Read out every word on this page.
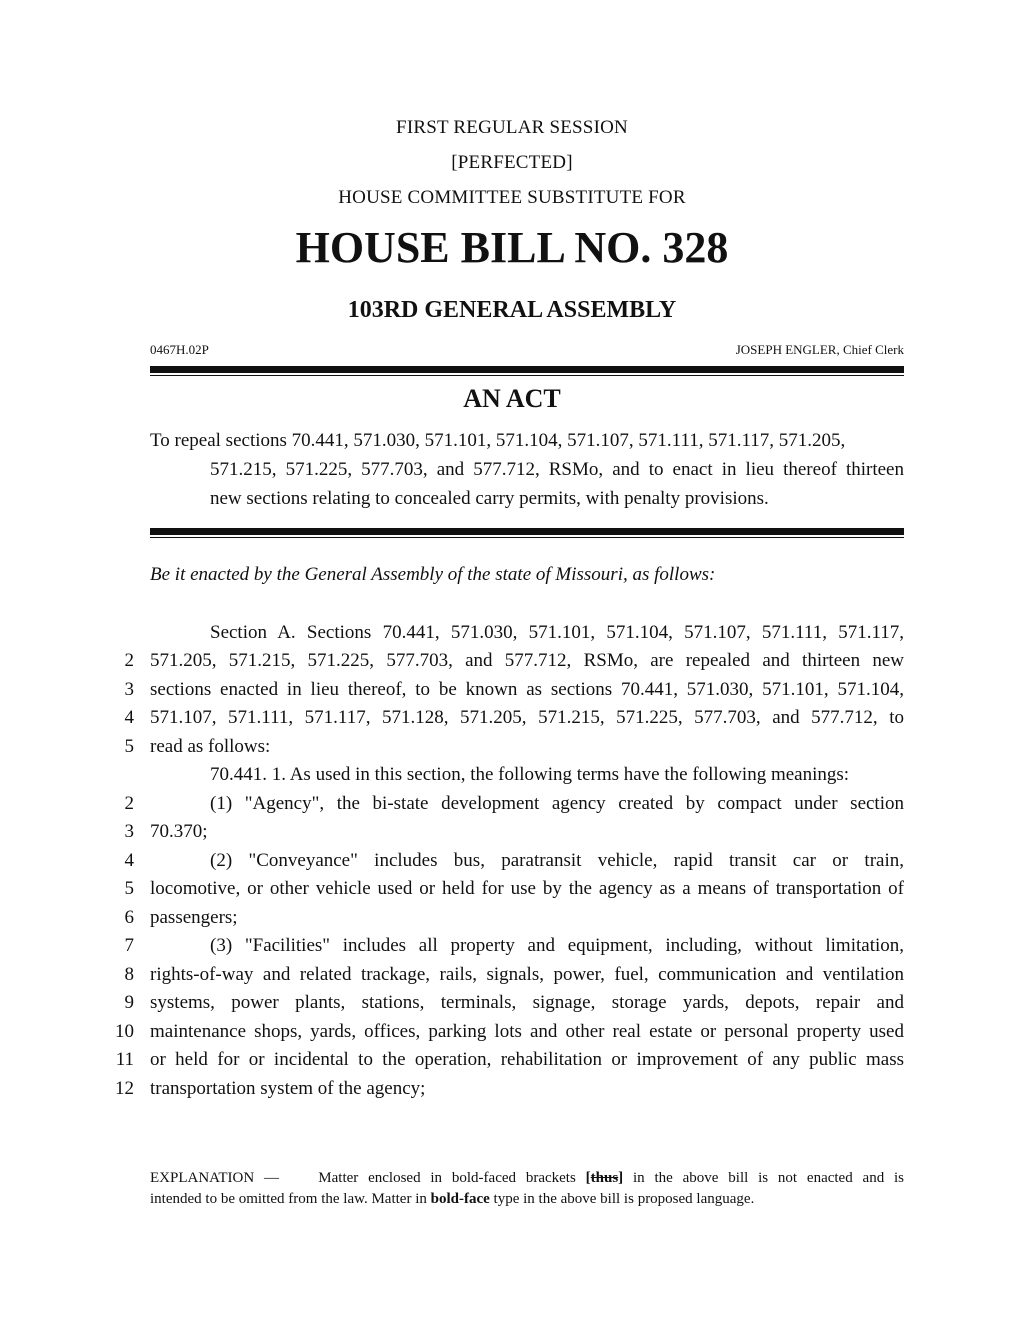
FIRST REGULAR SESSION
[PERFECTED]
HOUSE COMMITTEE SUBSTITUTE FOR
HOUSE BILL NO. 328
103RD GENERAL ASSEMBLY
0467H.02P	JOSEPH ENGLER, Chief Clerk
AN ACT
To repeal sections 70.441, 571.030, 571.101, 571.104, 571.107, 571.111, 571.117, 571.205,
571.215, 571.225, 577.703, and 577.712, RSMo, and to enact in lieu thereof thirteen
new sections relating to concealed carry permits, with penalty provisions.
Be it enacted by the General Assembly of the state of Missouri, as follows:
Section A. Sections 70.441, 571.030, 571.101, 571.104, 571.107, 571.111, 571.117,
2 571.205, 571.215, 571.225, 577.703, and 577.712, RSMo, are repealed and thirteen new
3 sections enacted in lieu thereof, to be known as sections 70.441, 571.030, 571.101, 571.104,
4 571.107, 571.111, 571.117, 571.128, 571.205, 571.215, 571.225, 577.703, and 577.712, to
5 read as follows:
70.441. 1. As used in this section, the following terms have the following meanings:
2	(1) "Agency", the bi-state development agency created by compact under section
3 70.370;
4	(2) "Conveyance" includes bus, paratransit vehicle, rapid transit car or train,
5 locomotive, or other vehicle used or held for use by the agency as a means of transportation of
6 passengers;
7	(3) "Facilities" includes all property and equipment, including, without limitation,
8 rights-of-way and related trackage, rails, signals, power, fuel, communication and ventilation
9 systems, power plants, stations, terminals, signage, storage yards, depots, repair and
10 maintenance shops, yards, offices, parking lots and other real estate or personal property used
11 or held for or incidental to the operation, rehabilitation or improvement of any public mass
12 transportation system of the agency;
EXPLANATION —	Matter enclosed in bold-faced brackets [thus] in the above bill is not enacted and is
intended to be omitted from the law. Matter in bold-face type in the above bill is proposed language.
